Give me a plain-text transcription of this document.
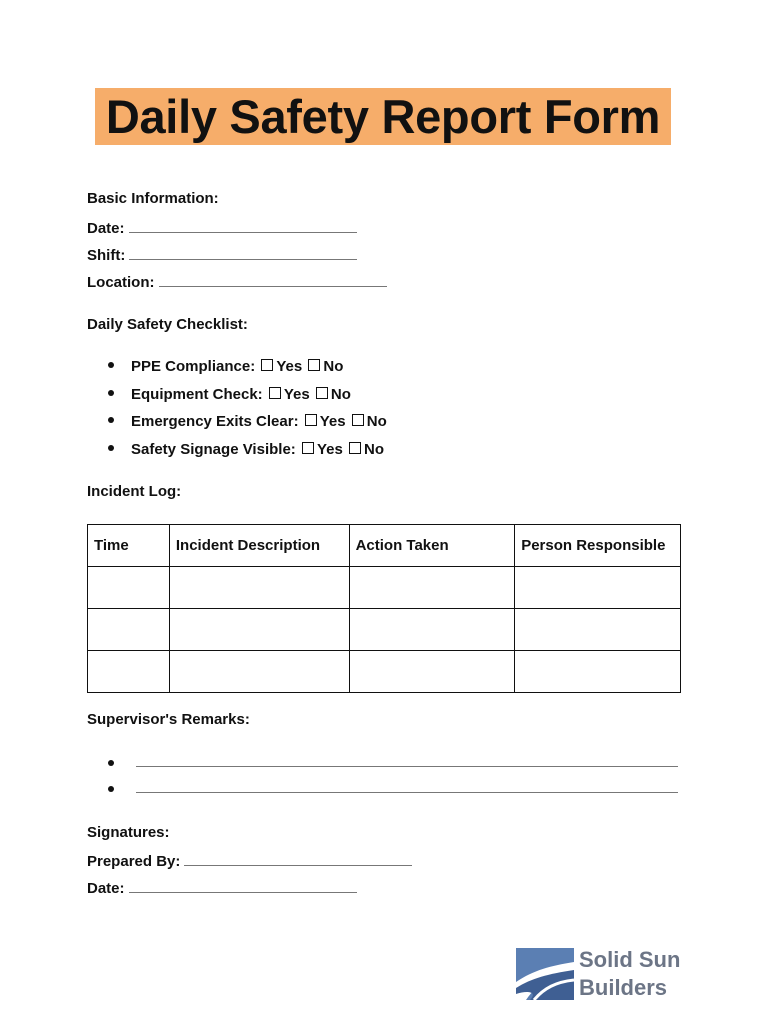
Daily Safety Report Form
Basic Information:
Date:
Shift:
Location:
Daily Safety Checklist:
PPE Compliance: Yes No
Equipment Check: Yes No
Emergency Exits Clear: Yes No
Safety Signage Visible: Yes No
Incident Log:
Time	Incident Description	Action Taken	Person Responsible

Supervisor's Remarks:
Signatures:
Prepared By:
Date:
Solid Sun
Builders
